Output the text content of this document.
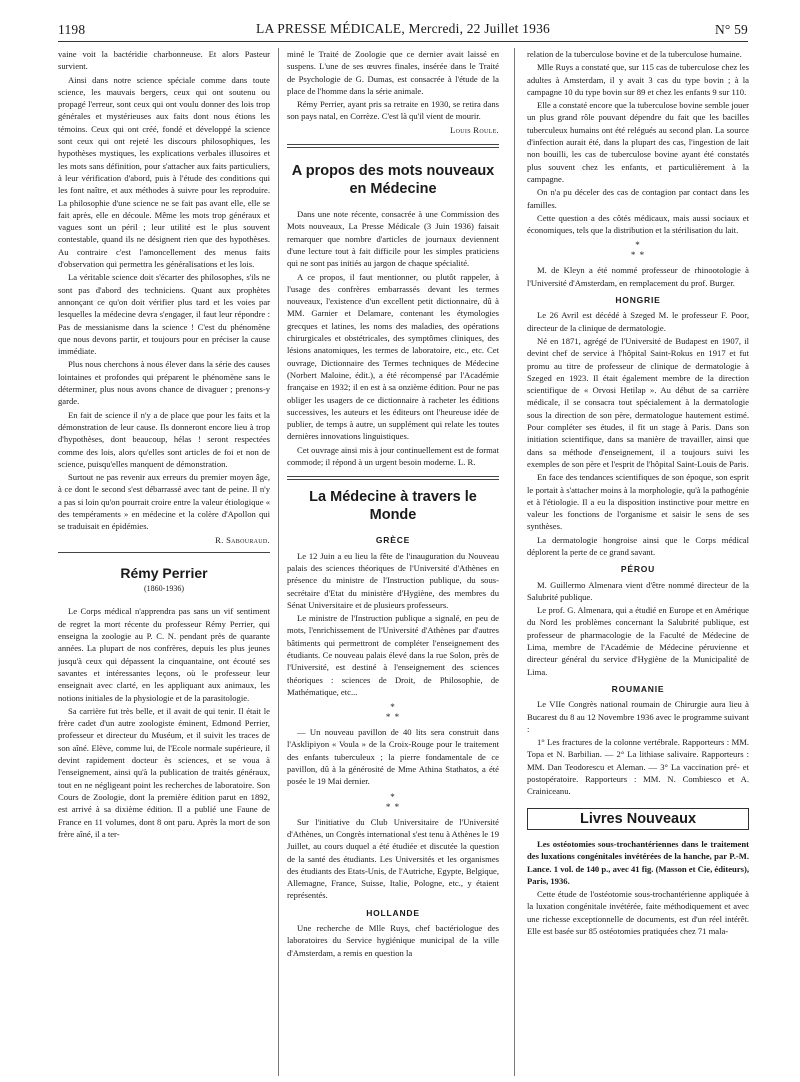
1198	LA PRESSE MÉDICALE, Mercredi, 22 Juillet 1936	N° 59

vaine voit la bactéridie charbonneuse. Et alors Pasteur survient.

Ainsi dans notre science spéciale comme dans toute science, les mauvais bergers, ceux qui ont soutenu ou propagé l'erreur, sont ceux qui ont voulu donner des lois trop générales et mystérieuses aux faits dont nous étions les témoins. Ceux qui ont créé, fondé et développé la science sont ceux qui ont rejeté les discours philosophiques, les hypothèses mystiques, les explications verbales illusoires et les mots sans définition, pour s'attacher aux faits particuliers, à leur vérification d'abord, puis à l'étude des conditions qui les font naître, et aux méthodes à suivre pour les reproduire. La philosophie d'une science ne se fait pas avant elle, elle se fait après, elle en découle. Même les mots trop généraux et vagues sont un péril ; leur utilité est le plus souvent contestable, quand ils ne désignent rien que des hypothèses. Au contraire c'est l'amoncellement des menus faits d'observation qui permettra les généralisations et les lois.

La véritable science doit s'écarter des philosophes, s'ils ne sont pas d'abord des techniciens. Quant aux prophètes annonçant ce qu'on doit vérifier plus tard et les voies par lesquelles la médecine devra s'engager, il faut leur répondre : Pas de messianisme dans la science ! C'est du phénomène que nous devons partir, et toujours pour en préciser la cause immédiate.

Plus nous cherchons à nous élever dans la série des causes lointaines et profondes qui préparent le phénomène sans le déterminer, plus nous avons chance de divaguer ; prenons-y garde.

En fait de science il n'y a de place que pour les faits et la démonstration de leur cause. Ils donneront encore lieu à trop d'hypothèses, dont beaucoup, hélas ! seront respectées comme des lois, alors qu'elles sont articles de foi et non de science, puisqu'elles manquent de démonstration.

Surtout ne pas revenir aux erreurs du premier moyen âge, à ce dont le second s'est débarrassé avec tant de peine. Il n'y a pas si loin qu'on pourrait croire entre la valeur étiologique « des tempéraments » en médecine et la colère d'Apollon qui se traduisait en épidémies.

R. Sabouraud.
Rémy Perrier
(1860-1936)

Le Corps médical n'apprendra pas sans un vif sentiment de regret la mort récente du professeur Rémy Perrier, qui enseigna la zoologie au P. C. N. pendant près de quarante années. La plupart de nos confrères, depuis les plus jeunes jusqu'à ceux qui dépassent la cinquantaine, ont écouté ses savantes et intéressantes leçons, où le professeur leur enseignait avec clarté, en les appliquant aux animaux, les notions initiales de la physiologie et de la parasitologie.

Sa carrière fut très belle, et il avait de qui tenir. Il était le frère cadet d'un autre zoologiste éminent, Edmond Perrier, professeur et directeur du Muséum, et il suivit les traces de son aîné. Elève, comme lui, de l'Ecole normale supérieure, il devint rapidement docteur ès sciences, et se voua à l'enseignement, ainsi qu'à la publication de traités généraux, tout en ne négligeant point les recherches de laboratoire. Son Cours de Zoologie, dont la première édition parut en 1892, est arrivé à sa dixième édition. Il a publié une Faune de France en 11 volumes, dont 8 ont paru. Après la mort de son frère aîné, il a ter-

miné le Traité de Zoologie que ce dernier avait laissé en suspens. L'une de ses œuvres finales, insérée dans le Traité de Psychologie de G. Dumas, est consacrée à l'étude de la place de l'homme dans la série animale.

Rémy Perrier, ayant pris sa retraite en 1930, se retira dans son pays natal, en Corrèze. C'est là qu'il vient de mourir.

Louis Roule.
A propos des mots nouveaux en Médecine

Dans une note récente, consacrée à une Commission des Mots nouveaux, La Presse Médicale (3 Juin 1936) faisait remarquer que nombre d'articles de journaux deviennent d'une lecture tout à fait difficile pour les simples praticiens qui ne sont pas initiés au jargon de chaque spécialité.

A ce propos, il faut mentionner, ou plutôt rappeler, à l'usage des confrères embarrassés devant les termes nouveaux, l'existence d'un excellent petit dictionnaire, dû à MM. Garnier et Delamare, contenant les étymologies grecques et latines, les noms des maladies, des opérations chirurgicales et obstétricales, des symptômes cliniques, des lésions anatomiques, les termes de laboratoire, etc., etc. Cet ouvrage, Dictionnaire des Termes techniques de Médecine (Norbert Maloine, édit.), a été récompensé par l'Académie française en 1932; il en est à sa onzième édition. Pour ne pas obliger les usagers de ce dictionnaire à racheter les éditions successives, les auteurs et les éditeurs ont l'heureuse idée de publier, de temps à autre, un supplément qui relate les toutes dernières innovations linguistiques.

Cet ouvrage ainsi mis à jour continuellement est de format commode; il répond à un urgent besoin moderne. L. R.

La Médecine à travers le Monde
GRÈCE

Le 12 Juin a eu lieu la fête de l'inauguration du Nouveau palais des sciences théoriques de l'Université d'Athènes en présence du ministre de l'Instruction publique, du sous-secrétaire d'Etat du ministère d'Hygiène, des membres du Sénat Universitaire et de plusieurs professeurs.

Le ministre de l'Instruction publique a signalé, en peu de mots, l'enrichissement de l'Université d'Athènes par d'autres bâtiments qui permettront de compléter l'enseignement des étudiants. Ce nouveau palais élevé dans la rue Solon, près de l'Université, est destiné à l'enseignement des sciences théoriques : sciences de Droit, de Philosophie, de Mathématique, etc...

*
* *

— Un nouveau pavillon de 40 lits sera construit dans l'Asklipiyon « Voula » de la Croix-Rouge pour le traitement des enfants tuberculeux ; la pierre fondamentale de ce pavillon, dû à la générosité de Mme Athina Stathatos, a été posée le 19 Mai dernier.

*
* *

Sur l'initiative du Club Universitaire de l'Université d'Athènes, un Congrès international s'est tenu à Athènes le 19 Juillet, au cours duquel a été étudiée et discutée la question de la santé des étudiants. Les Universités et les organismes des étudiants des Etats-Unis, de l'Autriche, Egypte, Belgique, Allemagne, France, Suisse, Italie, Pologne, etc., y étaient représentés.

HOLLANDE

Une recherche de Mlle Ruys, chef bactériologue des laboratoires du Service hygiénique municipal de la ville d'Amsterdam, a remis en question la

relation de la tuberculose bovine et de la tuberculose humaine.

Mlle Ruys a constaté que, sur 115 cas de tuberculose chez les adultes à Amsterdam, il y avait 3 cas du type bovin ; à la campagne 10 du type bovin sur 89 et chez les enfants 9 sur 110.

Elle a constaté encore que la tuberculose bovine semble jouer un plus grand rôle pouvant dépendre du fait que les bacilles tuberculeux humains ont été relégués au second plan. La source d'infection aurait été, dans la plupart des cas, l'ingestion de lait non bouilli, les cas de tuberculose bovine ayant été constatés plus souvent chez les enfants, et particulièrement à la campagne.

On n'a pu déceler des cas de contagion par contact dans les familles.

Cette question a des côtés médicaux, mais aussi sociaux et économiques, tels que la distribution et la stérilisation du lait.

*
* *

M. de Kleyn a été nommé professeur de rhinootologie à l'Université d'Amsterdam, en remplacement du prof. Burger.

HONGRIE

Le 26 Avril est décédé à Szeged M. le professeur F. Poor, directeur de la clinique de dermatologie.

Né en 1871, agrégé de l'Université de Budapest en 1907, il devint chef de service à l'hôpital Saint-Rokus en 1917 et fut promu au titre de professeur de clinique de dermatologie à Szeged en 1923. Il était également membre de la direction scientifique de « Orvosi Hetilap ». Au début de sa carrière médicale, il se consacra tout spécialement à la dermatologie sous la direction de son père, dermatologue hautement estimé. Pour compléter ses études, il fit un stage à Paris. Dans son initiation scientifique, dans sa manière de travailler, ainsi que dans sa méthode d'enseignement, il a toujours suivi les exemples de son père et l'esprit de l'hôpital Saint-Louis de Paris.

En face des tendances scientifiques de son époque, son esprit le portait à s'attacher moins à la morphologie, qu'à la pathogénie et à l'étiologie. Il a eu la disposition instinctive pour mettre en valeur les fonctions de l'organisme et saisir le sens de ses synthèses.

La dermatologie hongroise ainsi que le Corps médical déplorent la perte de ce grand savant.

PÉROU

M. Guillermo Almenara vient d'être nommé directeur de la Salubrité publique.

Le prof. G. Almenara, qui a étudié en Europe et en Amérique du Nord les problèmes concernant la Salubrité publique, est professeur de pharmacologie de la Faculté de Médecine de Lima, membre de l'Académie de Médecine péruvienne et directeur général du service d'Hygiène de la Municipalité de Lima.

ROUMANIE

Le VIIe Congrès national roumain de Chirurgie aura lieu à Bucarest du 8 au 12 Novembre 1936 avec le programme suivant :

1° Les fractures de la colonne vertébrale. Rapporteurs : MM. Topa et N. Barbilian. — 2° La lithiase salivaire. Rapporteurs : MM. Dan Teodorescu et Aleman. — 3° La vaccination pré- et postopératoire. Rapporteurs : MM. N. Combiesco et A. Crainiceanu.

Livres Nouveaux

Les ostéotomies sous-trochantériennes dans le traitement des luxations congénitales invétérées de la hanche, par P.-M. Lance. 1 vol. de 140 p., avec 41 fig. (Masson et Cie, éditeurs), Paris, 1936.

Cette étude de l'ostéotomie sous-trochantérienne appliquée à la luxation congénitale invétérée, faite méthodiquement et avec une richesse exceptionnelle de documents, est d'un réel intérêt. Elle est basée sur 85 ostéotomies pratiquées chez 71 mala-
